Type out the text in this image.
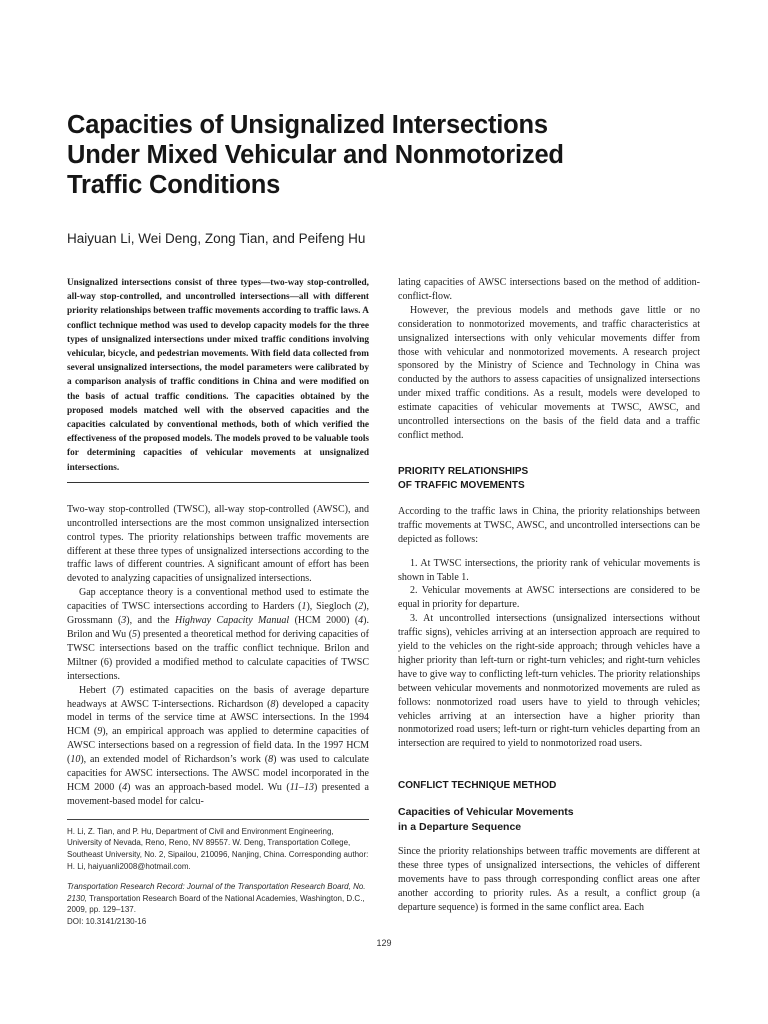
Capacities of Unsignalized Intersections
Under Mixed Vehicular and Nonmotorized
Traffic Conditions
Haiyuan Li, Wei Deng, Zong Tian, and Peifeng Hu
Unsignalized intersections consist of three types—two-way stop-controlled, all-way stop-controlled, and uncontrolled intersections—all with different priority relationships between traffic movements according to traffic laws. A conflict technique method was used to develop capacity models for the three types of unsignalized intersections under mixed traffic conditions involving vehicular, bicycle, and pedestrian movements. With field data collected from several unsignalized intersections, the model parameters were calibrated by a comparison analysis of traffic conditions in China and were modified on the basis of actual traffic conditions. The capacities obtained by the proposed models matched well with the observed capacities and the capacities calculated by conventional methods, both of which verified the effectiveness of the proposed models. The models proved to be valuable tools for determining capacities of vehicular movements at unsignalized intersections.

Two-way stop-controlled (TWSC), all-way stop-controlled (AWSC), and uncontrolled intersections are the most common unsignalized intersection control types. The priority relationships between traffic movements are different at these three types of unsignalized intersections according to the traffic laws of different countries. A significant amount of effort has been devoted to analyzing capacities of unsignalized intersections.

Gap acceptance theory is a conventional method used to estimate the capacities of TWSC intersections according to Harders (1), Siegloch (2), Grossmann (3), and the Highway Capacity Manual (HCM 2000) (4). Brilon and Wu (5) presented a theoretical method for deriving capacities of TWSC intersections based on the traffic conflict technique. Brilon and Miltner (6) provided a modified method to calculate capacities of TWSC intersections.

Hebert (7) estimated capacities on the basis of average departure headways at AWSC T-intersections. Richardson (8) developed a capacity model in terms of the service time at AWSC intersections. In the 1994 HCM (9), an empirical approach was applied to determine capacities of AWSC intersections based on a regression of field data. In the 1997 HCM (10), an extended model of Richardson’s work (8) was used to calculate capacities for AWSC intersections. The AWSC model incorporated in the HCM 2000 (4) was an approach-based model. Wu (11–13) presented a movement-based model for calcu-

H. Li, Z. Tian, and P. Hu, Department of Civil and Environment Engineering, University of Nevada, Reno, Reno, NV 89557. W. Deng, Transportation College, Southeast University, No. 2, Sipailou, 210096, Nanjing, China. Corresponding author: H. Li, haiyuanli2008@hotmail.com.

Transportation Research Record: Journal of the Transportation Research Board, No. 2130, Transportation Research Board of the National Academies, Washington, D.C., 2009, pp. 129–137.

DOI: 10.3141/2130-16

lating capacities of AWSC intersections based on the method of addition-conflict-flow.

However, the previous models and methods gave little or no consideration to nonmotorized movements, and traffic characteristics at unsignalized intersections with only vehicular movements differ from those with vehicular and nonmotorized movements. A research project sponsored by the Ministry of Science and Technology in China was conducted by the authors to assess capacities of unsignalized intersections under mixed traffic conditions. As a result, models were developed to estimate capacities of vehicular movements at TWSC, AWSC, and uncontrolled intersections on the basis of the field data and a traffic conflict method.

PRIORITY RELATIONSHIPS
OF TRAFFIC MOVEMENTS

According to the traffic laws in China, the priority relationships between traffic movements at TWSC, AWSC, and uncontrolled intersections can be depicted as follows:

1. At TWSC intersections, the priority rank of vehicular movements is shown in Table 1.

2. Vehicular movements at AWSC intersections are considered to be equal in priority for departure.

3. At uncontrolled intersections (unsignalized intersections without traffic signs), vehicles arriving at an intersection approach are required to yield to the vehicles on the right-side approach; through vehicles have a higher priority than left-turn or right-turn vehicles; and right-turn vehicles have to give way to conflicting left-turn vehicles. The priority relationships between vehicular movements and nonmotorized movements are ruled as follows: nonmotorized road users have to yield to through vehicles; vehicles arriving at an intersection have a higher priority than nonmotorized road users; left-turn or right-turn vehicles departing from an intersection are required to yield to nonmotorized road users.

CONFLICT TECHNIQUE METHOD
Capacities of Vehicular Movements
in a Departure Sequence

Since the priority relationships between traffic movements are different at these three types of unsignalized intersections, the vehicles of different movements have to pass through corresponding conflict areas one after another according to priority rules. As a result, a conflict group (a departure sequence) is formed in the same conflict area. Each

129
